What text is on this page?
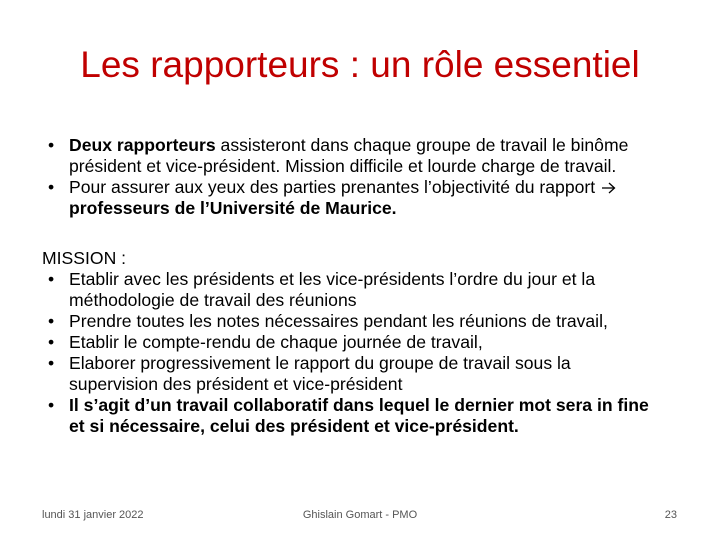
Les rapporteurs : un rôle essentiel
• Deux rapporteurs assisteront dans chaque groupe de travail le binôme
président et vice-président. Mission difficile et lourde charge de travail.
• Pour assurer aux yeux des parties prenantes l’objectivité du rapport
professeurs de l’Université de Maurice.
MISSION :
• Etablir avec les présidents et les vice-présidents l’ordre du jour et la
méthodologie de travail des réunions
• Prendre toutes les notes nécessaires pendant les réunions de travail,
• Etablir le compte-rendu de chaque journée de travail,
• Elaborer progressivement le rapport du groupe de travail sous la
supervision des président et vice-président
• Il s’agit d’un travail collaboratif dans lequel le dernier mot sera in fine
et si nécessaire, celui des président et vice-président.
lundi 31 janvier 2022	Ghislain Gomart - PMO	23
